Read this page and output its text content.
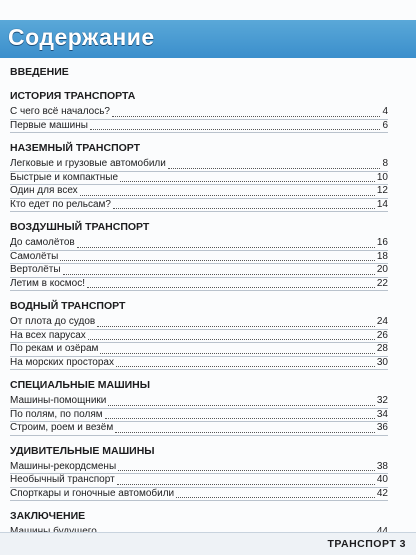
Содержание
ВВЕДЕНИЕ
ИСТОРИЯ ТРАНСПОРТА
С чего всё началось?	4
Первые машины	6
НАЗЕМНЫЙ ТРАНСПОРТ
Легковые и грузовые автомобили	8
Быстрые и компактные	10
Один для всех	12
Кто едет по рельсам?	14
ВОЗДУШНЫЙ ТРАНСПОРТ
До самолётов	16
Самолёты	18
Вертолёты	20
Летим в космос!	22
ВОДНЫЙ ТРАНСПОРТ
От плота до судов	24
На всех парусах	26
По рекам и озёрам	28
На морских просторах	30
СПЕЦИАЛЬНЫЕ МАШИНЫ
Машины-помощники	32
По полям, по полям	34
Строим, роем и везём	36
УДИВИТЕЛЬНЫЕ МАШИНЫ
Машины-рекордсмены	38
Необычный транспорт	40
Спорткары и гоночные автомобили	42
ЗАКЛЮЧЕНИЕ
ТРАНСПОРТ 3
